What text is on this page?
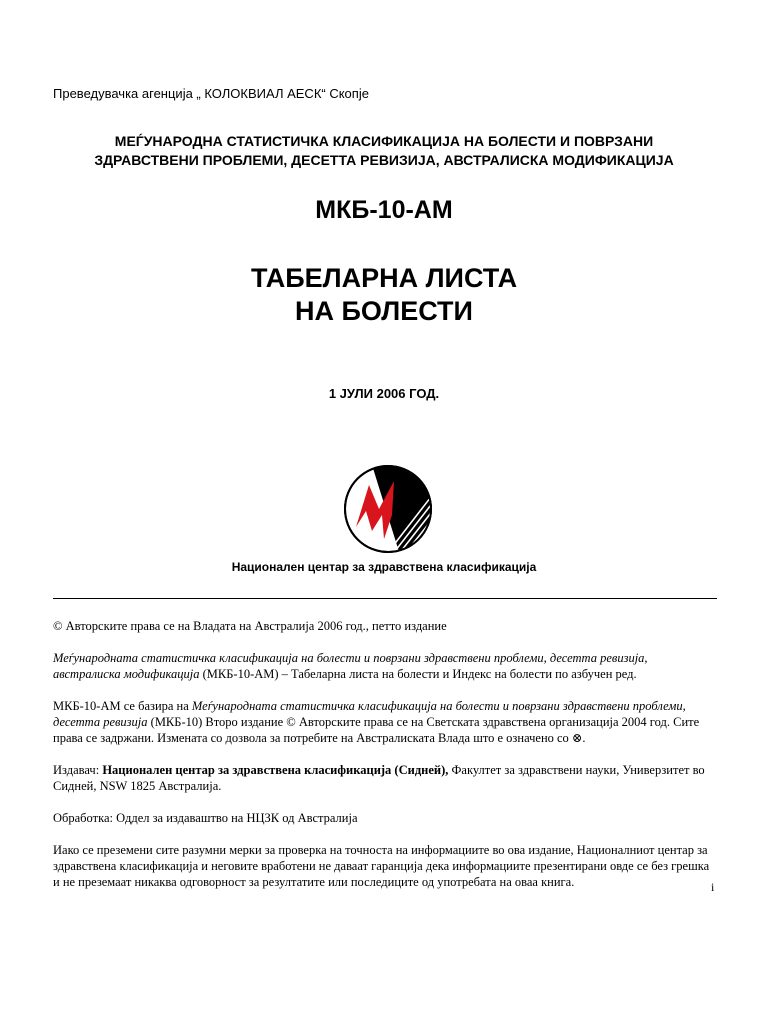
Преведувачка агенција „ КОЛОКВИАЛ АЕСК“ Скопје
МЕЃУНАРОДНА СТАТИСТИЧКА КЛАСИФИКАЦИЈА НА БОЛЕСТИ И ПОВРЗАНИ
ЗДРАВСТВЕНИ ПРОБЛЕМИ, ДЕСЕТТА РЕВИЗИЈА, АВСТРАЛИСКА МОДИФИКАЦИЈА
МКБ-10-АМ
ТАБЕЛАРНА ЛИСТА
НА БОЛЕСТИ
1 ЈУЛИ 2006 ГОД.
Национален центар за здравствена класификација

© Авторските права се на Владата на Австралија 2006 год., петто издание

Меѓународната статистичка класификација на болести и поврзани здравствени проблеми, десетта ревизија, австралиска модификација (МКБ-10-АМ) – Табеларна листа на болести и Индекс на болести по азбучен ред.

МКБ-10-АМ се базира на Меѓународната статистичка класификација на болести и поврзани здравствени проблеми, десетта ревизија (МКБ-10) Второ издание © Авторските права се на Светската здравствена организација 2004 год. Сите права се задржани. Измената со дозвола за потребите на Австралиската Влада што е означено со ⊗.

Издавач: Национален центар за здравствена класификација (Сидней), Факултет за здравствени науки, Универзитет во Сидней, NSW 1825 Австралија.

Обработка: Оддел за издаваштво на НЦЗК од Австралија

Иако се преземени сите разумни мерки за проверка на точноста на информациите во ова издание, Националниот центар за здравствена класификација и неговите вработени не даваат гаранција дека информациите презентирани овде се без грешка и не преземаат никаква одговорност за резултатите или последиците од употребата на оваа книга.	i
